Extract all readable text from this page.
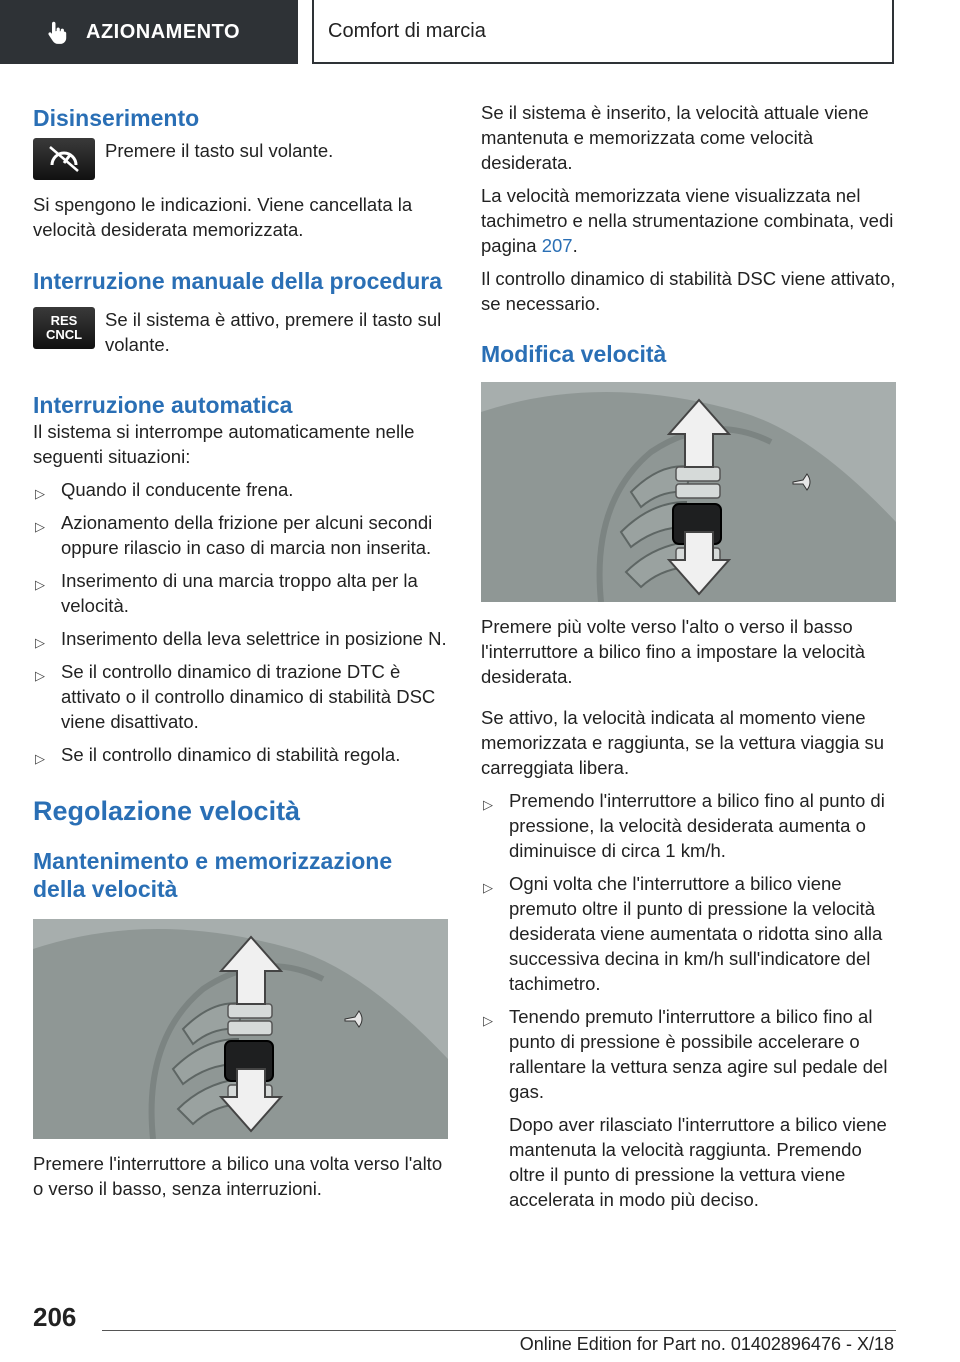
AZIONAMENTO	Comfort di marcia
Disinserimento

Premere il tasto sul volante.

Si spengono le indicazioni. Viene cancellata la velocità desiderata memorizzata.

Interruzione manuale della procedura
RES
CNCL

Se il sistema è attivo, premere il tasto sul volante.

Interruzione automatica

Il sistema si interrompe automaticamente nelle seguenti situazioni:

▷ Quando il conducente frena.
▷ Azionamento della frizione per alcuni secondi oppure rilascio in caso di marcia non inserita.
▷ Inserimento di una marcia troppo alta per la velocità.
▷ Inserimento della leva selettrice in posizione N.
▷ Se il controllo dinamico di trazione DTC è attivato o il controllo dinamico di stabilità DSC viene disattivato.
▷ Se il controllo dinamico di stabilità regola.
Regolazione velocità
Mantenimento e memorizzazione della velocità

Premere l'interruttore a bilico una volta verso l'alto o verso il basso, senza interruzioni.

Se il sistema è inserito, la velocità attuale viene mantenuta e memorizzata come velocità desiderata.

La velocità memorizzata viene visualizzata nel tachimetro e nella strumentazione combinata, vedi pagina 207.

Il controllo dinamico di stabilità DSC viene attivato, se necessario.

Modifica velocità

Premere più volte verso l'alto o verso il basso l'interruttore a bilico fino a impostare la velocità desiderata.

Se attivo, la velocità indicata al momento viene memorizzata e raggiunta, se la vettura viaggia su carreggiata libera.

▷ Premendo l'interruttore a bilico fino al punto di pressione, la velocità desiderata aumenta o diminuisce di circa 1 km/h.
▷ Ogni volta che l'interruttore a bilico viene premuto oltre il punto di pressione la velocità desiderata viene aumentata o ridotta sino alla successiva decina in km/h sull'indicatore del tachimetro.
▷ Tenendo premuto l'interruttore a bilico fino al punto di pressione è possibile accelerare o rallentare la vettura senza agire sul pedale del gas.

Dopo aver rilasciato l'interruttore a bilico viene mantenuta la velocità raggiunta. Premendo oltre il punto di pressione la vettura viene accelerata in modo più deciso.

206
Online Edition for Part no. 01402896476 - X/18
